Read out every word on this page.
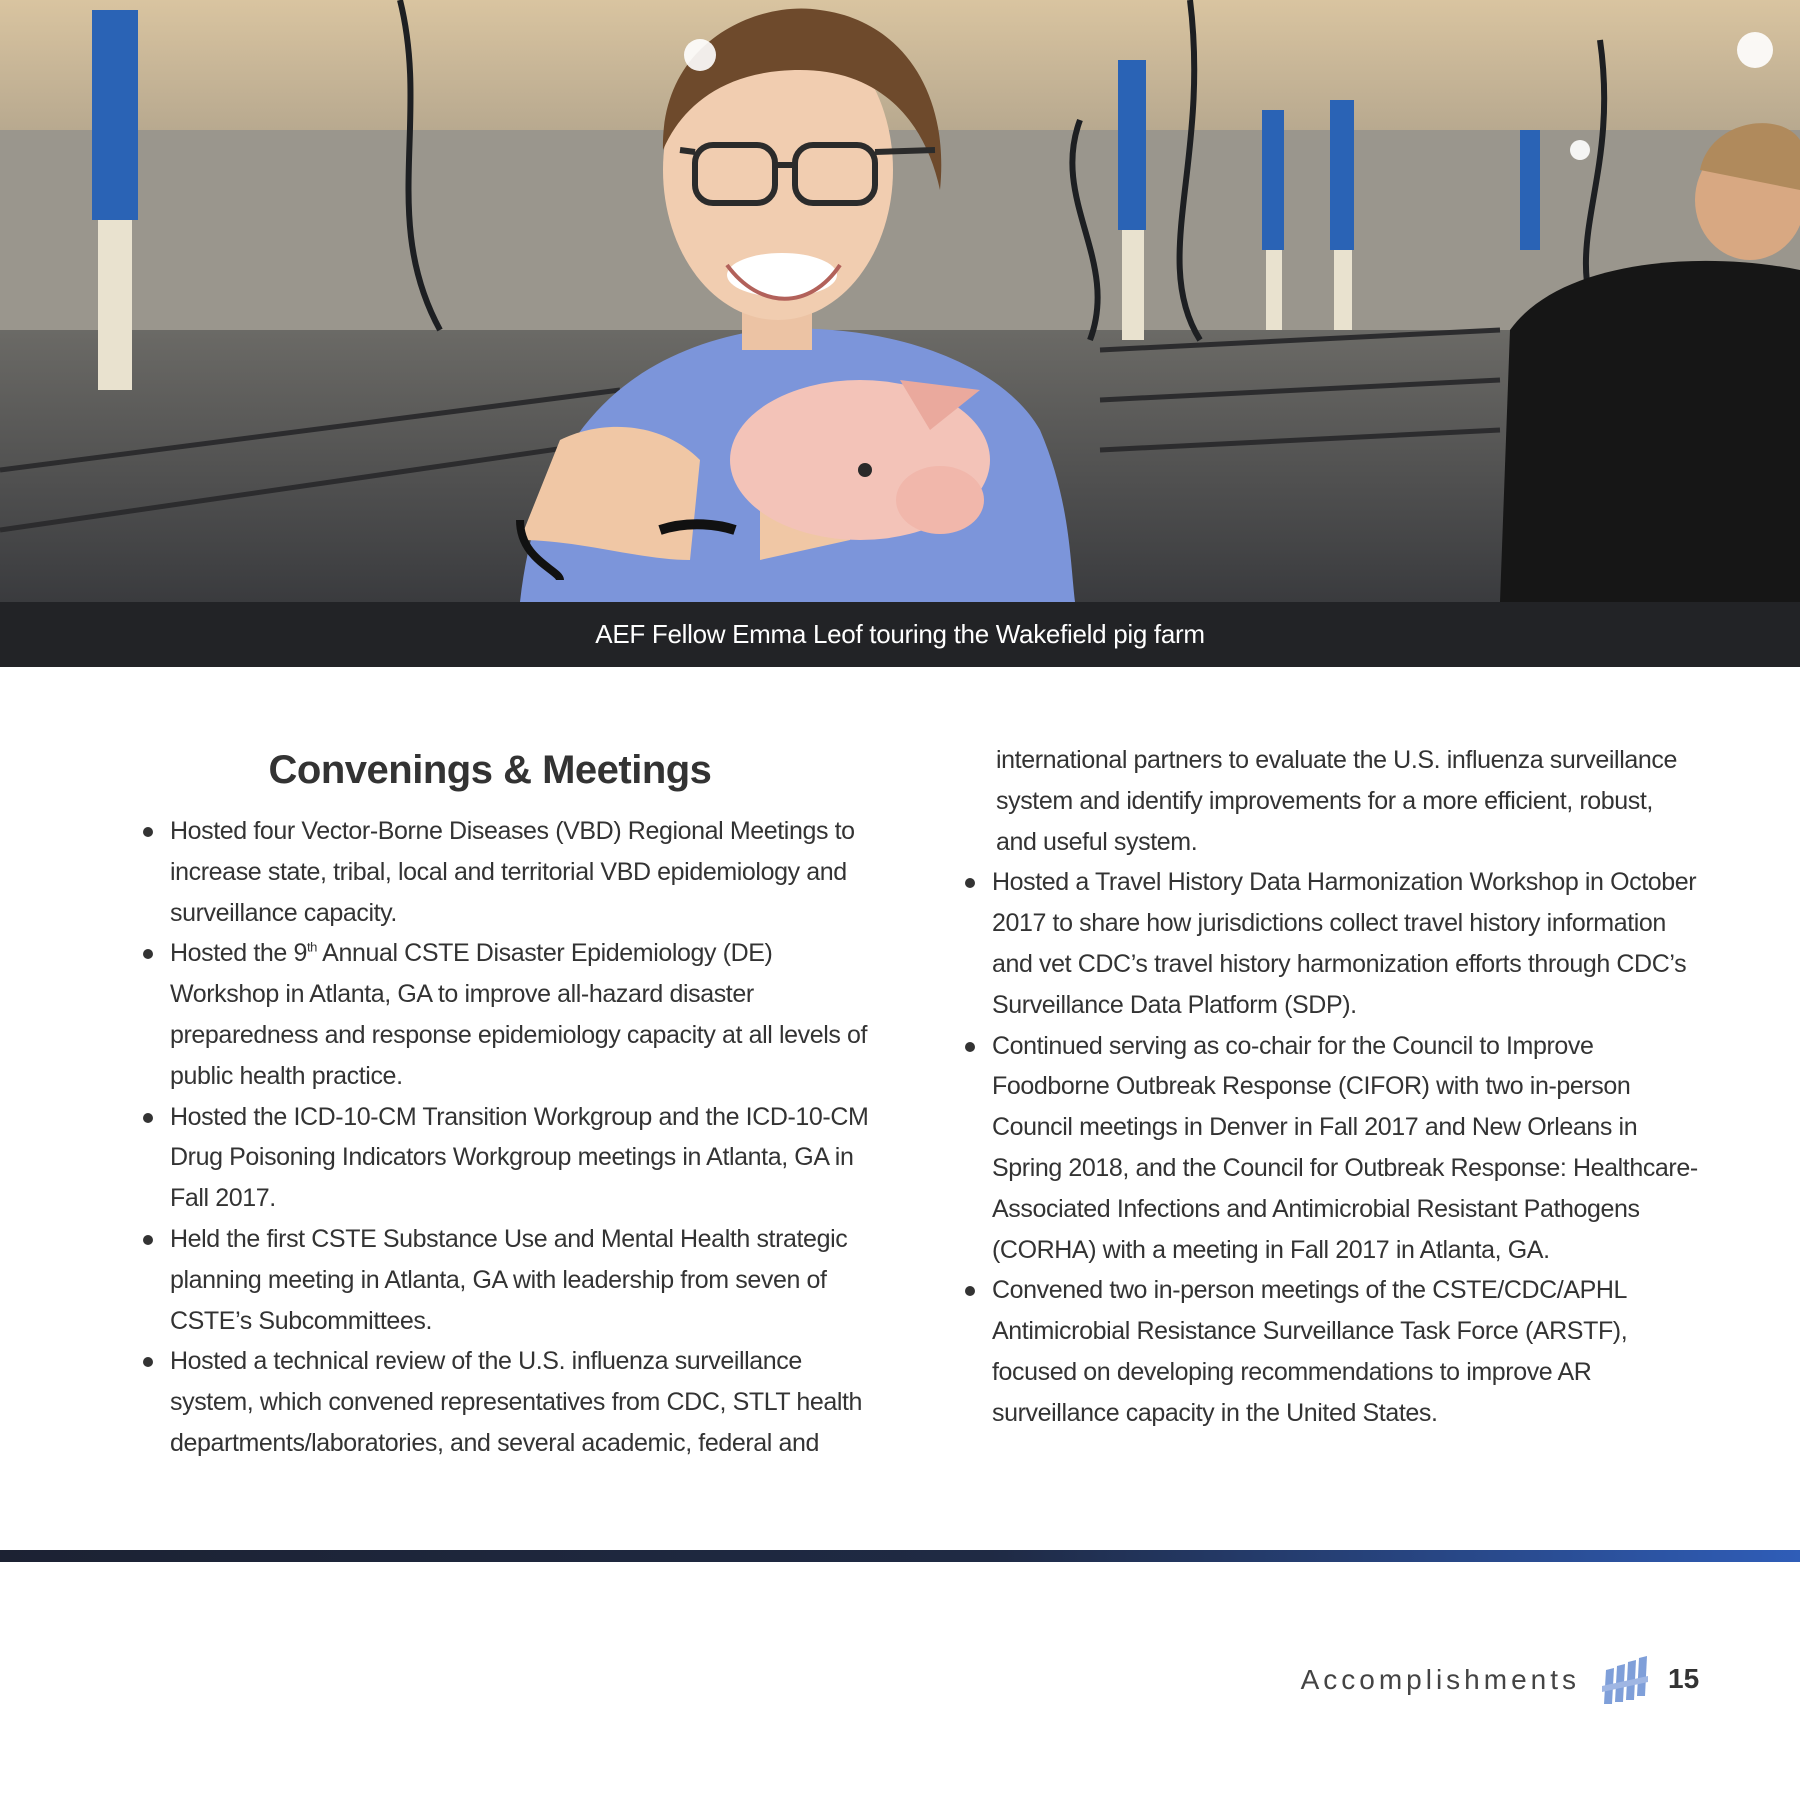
AEF Fellow Emma Leof touring the Wakefield pig farm
Convenings & Meetings
Hosted four Vector-Borne Diseases (VBD) Regional Meetings to increase state, tribal, local and territorial VBD epidemiology and surveillance capacity.
Hosted the 9th Annual CSTE Disaster Epidemiology (DE) Workshop in Atlanta, GA to improve all-hazard disaster preparedness and response epidemiology capacity at all levels of public health practice.
Hosted the ICD-10-CM Transition Workgroup and the ICD-10-CM Drug Poisoning Indicators Workgroup meetings in Atlanta, GA in Fall 2017.
Held the first CSTE Substance Use and Mental Health strategic planning meeting in Atlanta, GA with leadership from seven of CSTE’s Subcommittees.
Hosted a technical review of the U.S. influenza surveillance system, which convened representatives from CDC, STLT health departments/laboratories, and several academic, federal and
international partners to evaluate the U.S. influenza surveillance system and identify improvements for a more efficient, robust, and useful system.
Hosted a Travel History Data Harmonization Workshop in October 2017 to share how jurisdictions collect travel history information and vet CDC’s travel history harmonization efforts through CDC’s Surveillance Data Platform (SDP).
Continued serving as co-chair for the Council to Improve Foodborne Outbreak Response (CIFOR) with two in-person Council meetings in Denver in Fall 2017 and New Orleans in Spring 2018, and the Council for Outbreak Response: Healthcare-Associated Infections and Antimicrobial Resistant Pathogens (CORHA) with a meeting in Fall 2017 in Atlanta, GA.
Convened two in-person meetings of the CSTE/CDC/APHL Antimicrobial Resistance Surveillance Task Force (ARSTF), focused on developing recommendations to improve AR surveillance capacity in the United States.
Accomplishments	15
